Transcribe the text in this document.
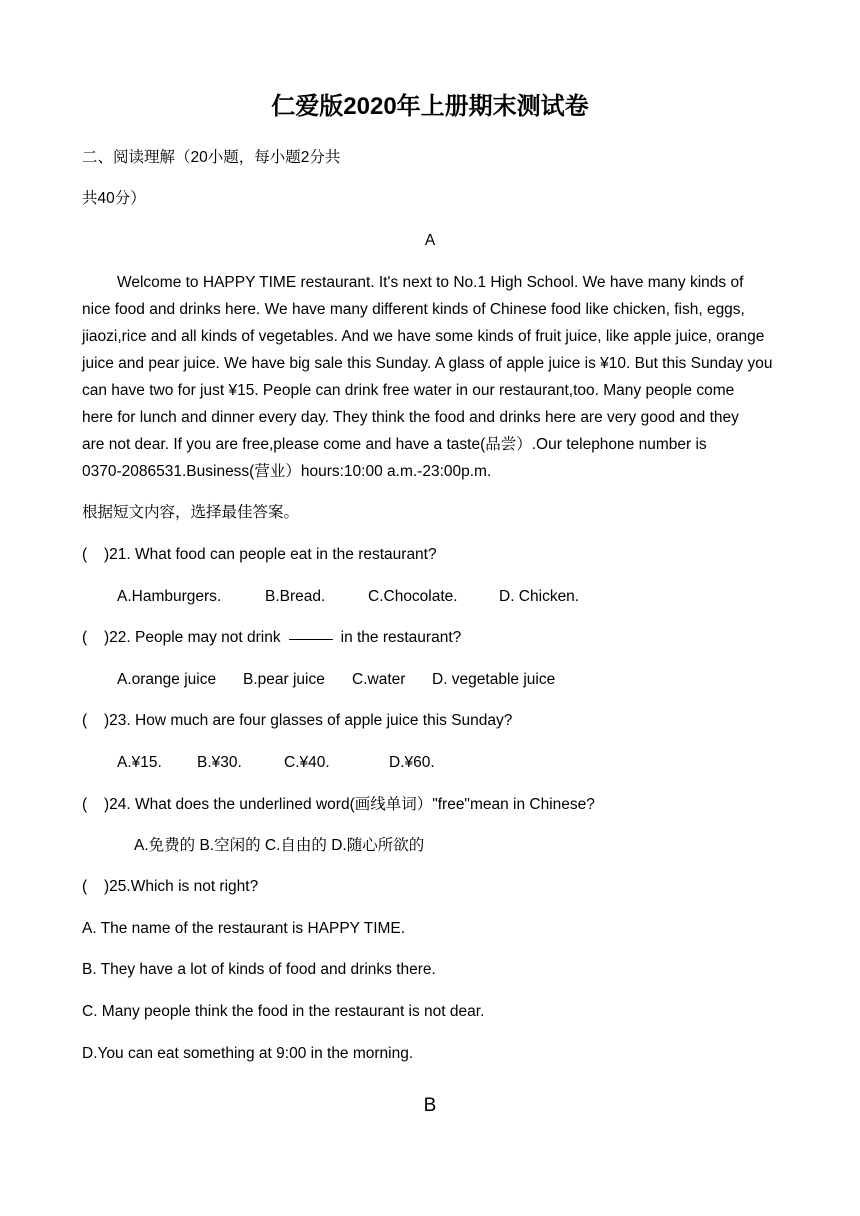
仁爱版2020年上册期末测试卷
二、阅读理解（20小题，每小题2分共
共40分）
A
Welcome to HAPPY TIME restaurant. It's next to No.1 High School. We have many kinds of
nice food and drinks here. We have many different kinds of Chinese food like chicken, fish, eggs,
jiaozi,rice and all kinds of vegetables. And we have some kinds of fruit juice, like apple juice, orange
juice and pear juice. We have big sale this Sunday. A glass of apple juice is ¥10. But this Sunday you
can have two for just ¥15. People can drink free water in our restaurant,too. Many people come
here for lunch and dinner every day. They think the food and drinks here are very good and they
are not dear. If you are free,please come and have a taste(品尝）.Our telephone number is
0370-2086531.Business(营业）hours:10:00 a.m.-23:00p.m.
根据短文内容，选择最佳答案。
( )21. What food can people eat in the restaurant?
A.Hamburgers.	B.Bread.	C.Chocolate.	D. Chicken.
( )22. People may not drink	in the restaurant?
A.orange juice B.pear juice C.water D. vegetable juice
( )23. How much are four glasses of apple juice this Sunday?
A.¥15. B.¥30.	C.¥40.	D.¥60.
( )24. What does the underlined word(画线单词）"free"mean in Chinese?
A.免费的 B.空闲的 C.自由的 D.随心所欲的
( )25.Which is not right?
A. The name of the restaurant is HAPPY TIME.
B. They have a lot of kinds of food and drinks there.
C. Many people think the food in the restaurant is not dear.
D.You can eat something at 9:00 in the morning.
B
